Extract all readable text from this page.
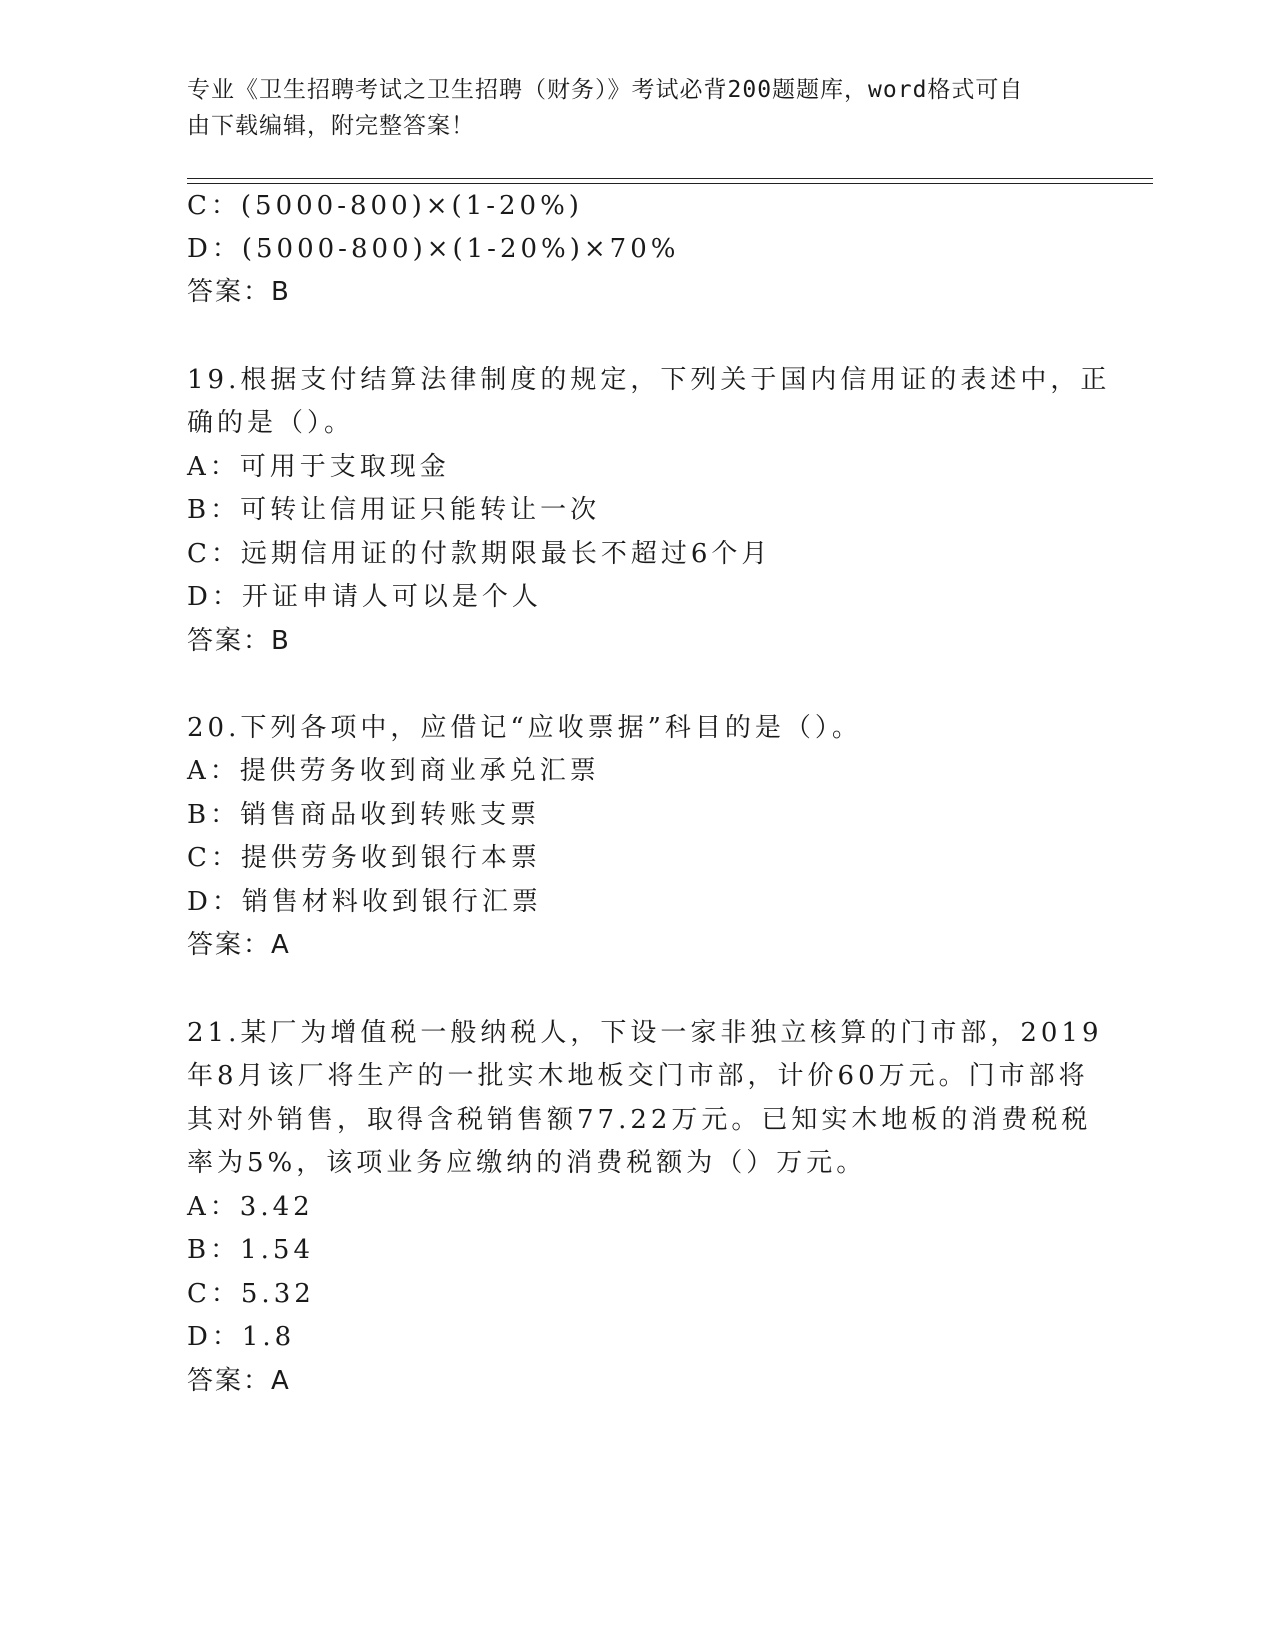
专业《卫生招聘考试之卫生招聘（财务）》考试必背200题题库，word格式可自
由下载编辑，附完整答案！
C：(5000-800)×(1-20%)
D：(5000-800)×(1-20%)×70%
答案：B
19.根据支付结算法律制度的规定，下列关于国内信用证的表述中，正
确的是（）。
A：可用于支取现金
B：可转让信用证只能转让一次
C：远期信用证的付款期限最长不超过6个月
D：开证申请人可以是个人
答案：B
20.下列各项中，应借记“应收票据”科目的是（）。
A：提供劳务收到商业承兑汇票
B：销售商品收到转账支票
C：提供劳务收到银行本票
D：销售材料收到银行汇票
答案：A
21.某厂为增值税一般纳税人，下设一家非独立核算的门市部，2019
年8月该厂将生产的一批实木地板交门市部，计价60万元。门市部将
其对外销售，取得含税销售额77.22万元。已知实木地板的消费税税
率为5%，该项业务应缴纳的消费税额为（）万元。
A：3.42
B：1.54
C：5.32
D：1.8
答案：A
